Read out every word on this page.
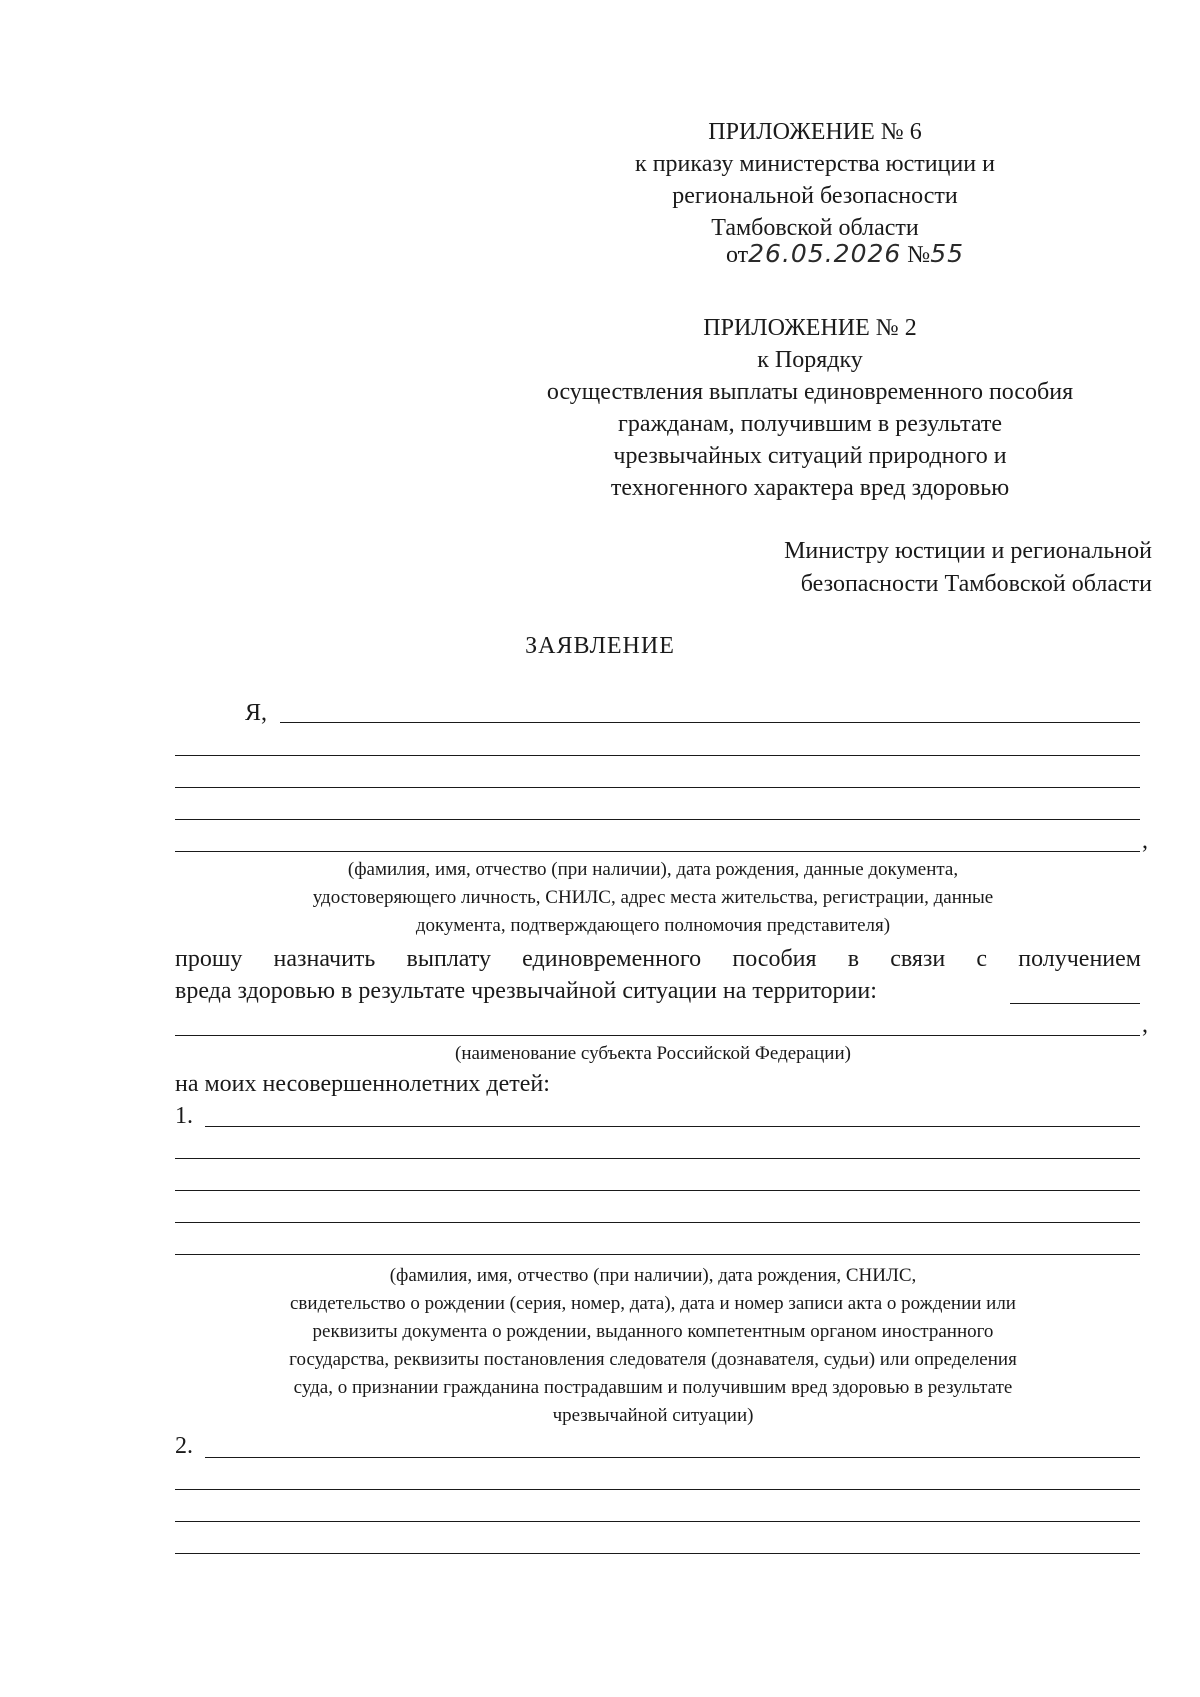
ПРИЛОЖЕНИЕ № 6
к приказу министерства юстиции и
региональной безопасности
Тамбовской области
от26.05.2026 №55
ПРИЛОЖЕНИЕ № 2
к Порядку
осуществления выплаты единовременного пособия
гражданам, получившим в результате
чрезвычайных ситуаций природного и
техногенного характера вред здоровью
Министру юстиции и региональной
безопасности Тамбовской области
ЗАЯВЛЕНИЕ
Я,
,
(фамилия, имя, отчество (при наличии), дата рождения, данные документа,
удостоверяющего личность, СНИЛС, адрес места жительства, регистрации, данные
документа, подтверждающего полномочия представителя)
прошу назначить выплату единовременного пособия в связи с получением
вреда здоровью в результате чрезвычайной ситуации на территории:
,
(наименование субъекта Российской Федерации)
на моих несовершеннолетних детей:
1.
(фамилия, имя, отчество (при наличии), дата рождения, СНИЛС,
свидетельство о рождении (серия, номер, дата), дата и номер записи акта о рождении или
реквизиты документа о рождении, выданного компетентным органом иностранного
государства, реквизиты постановления следователя (дознавателя, судьи) или определения
суда, о признании гражданина пострадавшим и получившим вред здоровью в результате
чрезвычайной ситуации)
2.
